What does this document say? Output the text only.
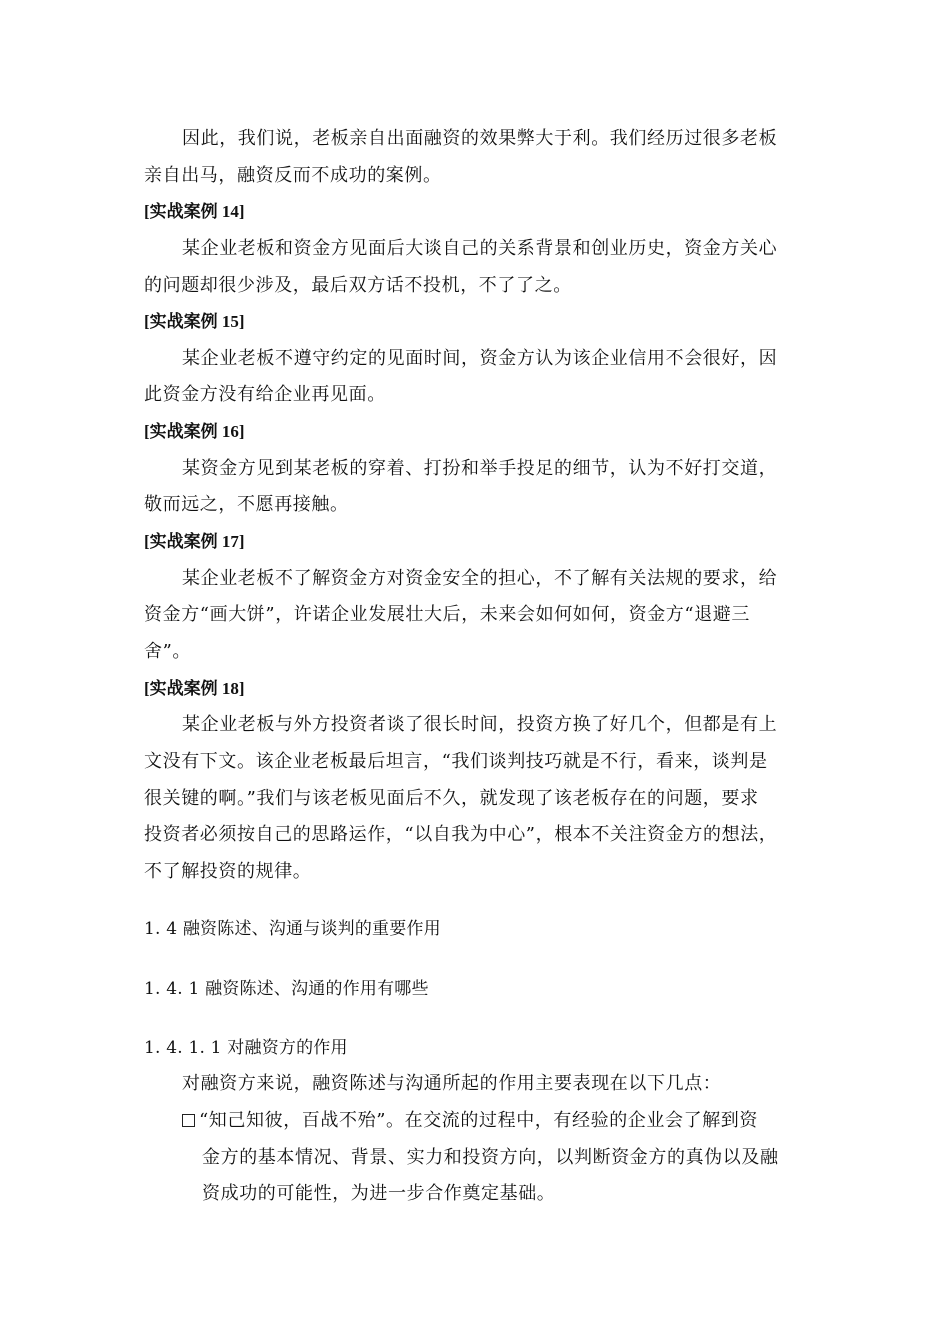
因此，我们说，老板亲自出面融资的效果弊大于利。我们经历过很多老板
亲自出马，融资反而不成功的案例。
[实战案例 14]
某企业老板和资金方见面后大谈自己的关系背景和创业历史，资金方关心
的问题却很少涉及，最后双方话不投机，不了了之。
[实战案例 15]
某企业老板不遵守约定的见面时间，资金方认为该企业信用不会很好，因
此资金方没有给企业再见面。
[实战案例 16]
某资金方见到某老板的穿着、打扮和举手投足的细节，认为不好打交道，
敬而远之，不愿再接触。
[实战案例 17]
某企业老板不了解资金方对资金安全的担心，不了解有关法规的要求，给
资金方“画大饼”，许诺企业发展壮大后，未来会如何如何，资金方“退避三
舍”。
[实战案例 18]
某企业老板与外方投资者谈了很长时间，投资方换了好几个，但都是有上
文没有下文。该企业老板最后坦言，“我们谈判技巧就是不行，看来，谈判是
很关键的啊。”我们与该老板见面后不久，就发现了该老板存在的问题，要求
投资者必须按自己的思路运作，“以自我为中心”，根本不关注资金方的想法，
不了解投资的规律。
1. 4 融资陈述、沟通与谈判的重要作用
1. 4. 1 融资陈述、沟通的作用有哪些
1. 4. 1. 1 对融资方的作用
对融资方来说，融资陈述与沟通所起的作用主要表现在以下几点：
“知己知彼，百战不殆”。在交流的过程中，有经验的企业会了解到资
金方的基本情况、背景、实力和投资方向，以判断资金方的真伪以及融
资成功的可能性，为进一步合作奠定基础。
